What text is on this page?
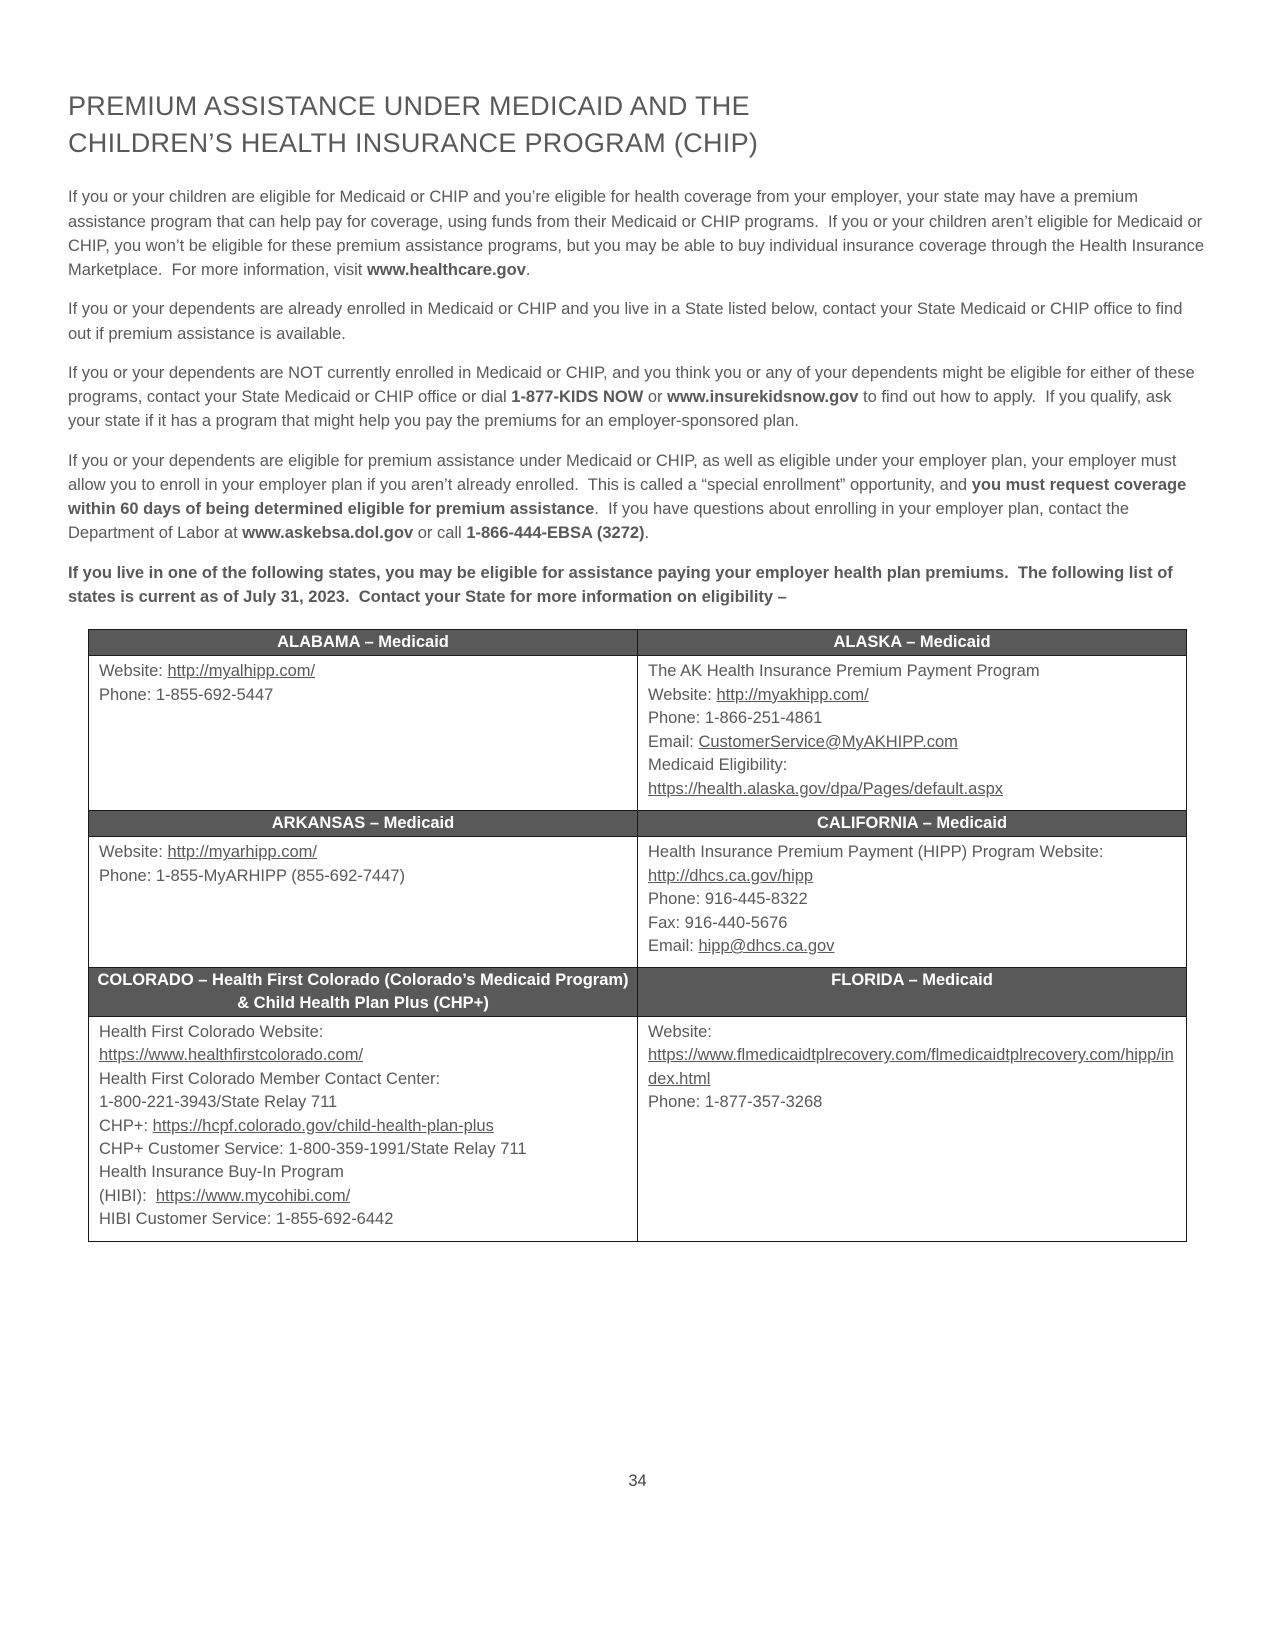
PREMIUM ASSISTANCE UNDER MEDICAID AND THE
CHILDREN’S HEALTH INSURANCE PROGRAM (CHIP)

If you or your children are eligible for Medicaid or CHIP and you’re eligible for health coverage from your employer, your state may have a premium assistance program that can help pay for coverage, using funds from their Medicaid or CHIP programs.  If you or your children aren’t eligible for Medicaid or CHIP, you won’t be eligible for these premium assistance programs, but you may be able to buy individual insurance coverage through the Health Insurance Marketplace.  For more information, visit www.healthcare.gov.

If you or your dependents are already enrolled in Medicaid or CHIP and you live in a State listed below, contact your State Medicaid or CHIP office to find out if premium assistance is available.

If you or your dependents are NOT currently enrolled in Medicaid or CHIP, and you think you or any of your dependents might be eligible for either of these programs, contact your State Medicaid or CHIP office or dial 1-877-KIDS NOW or www.insurekidsnow.gov to find out how to apply.  If you qualify, ask your state if it has a program that might help you pay the premiums for an employer-sponsored plan.

If you or your dependents are eligible for premium assistance under Medicaid or CHIP, as well as eligible under your employer plan, your employer must allow you to enroll in your employer plan if you aren’t already enrolled.  This is called a “special enrollment” opportunity, and you must request coverage within 60 days of being determined eligible for premium assistance.  If you have questions about enrolling in your employer plan, contact the Department of Labor at www.askebsa.dol.gov or call 1-866-444-EBSA (3272).

If you live in one of the following states, you may be eligible for assistance paying your employer health plan premiums.  The following list of states is current as of July 31, 2023.  Contact your State for more information on eligibility –

ALABAMA – Medicaid	ALASKA – Medicaid

Website: http://myalhipp.com/
Phone: 1-855-692-5447

The AK Health Insurance Premium Payment Program
Website: http://myakhipp.com/
Phone: 1-866-251-4861
Email: CustomerService@MyAKHIPP.com
Medicaid Eligibility:
https://health.alaska.gov/dpa/Pages/default.aspx

ARKANSAS – Medicaid	CALIFORNIA – Medicaid

Website: http://myarhipp.com/
Phone: 1-855-MyARHIPP (855-692-7447)

Health Insurance Premium Payment (HIPP) Program Website:
http://dhcs.ca.gov/hipp
Phone: 916-445-8322
Fax: 916-440-5676
Email: hipp@dhcs.ca.gov

COLORADO – Health First Colorado (Colorado’s Medicaid Program) & Child Health Plan Plus (CHP+)	FLORIDA – Medicaid

Health First Colorado Website:
https://www.healthfirstcolorado.com/
Health First Colorado Member Contact Center:
1-800-221-3943/State Relay 711
CHP+: https://hcpf.colorado.gov/child-health-plan-plus
CHP+ Customer Service: 1-800-359-1991/State Relay 711
Health Insurance Buy-In Program
(HIBI):  https://www.mycohibi.com/
HIBI Customer Service: 1-855-692-6442

Website:
https://www.flmedicaidtplrecovery.com/flmedicaidtplrecovery.com/hipp/index.html
Phone: 1-877-357-3268
34
